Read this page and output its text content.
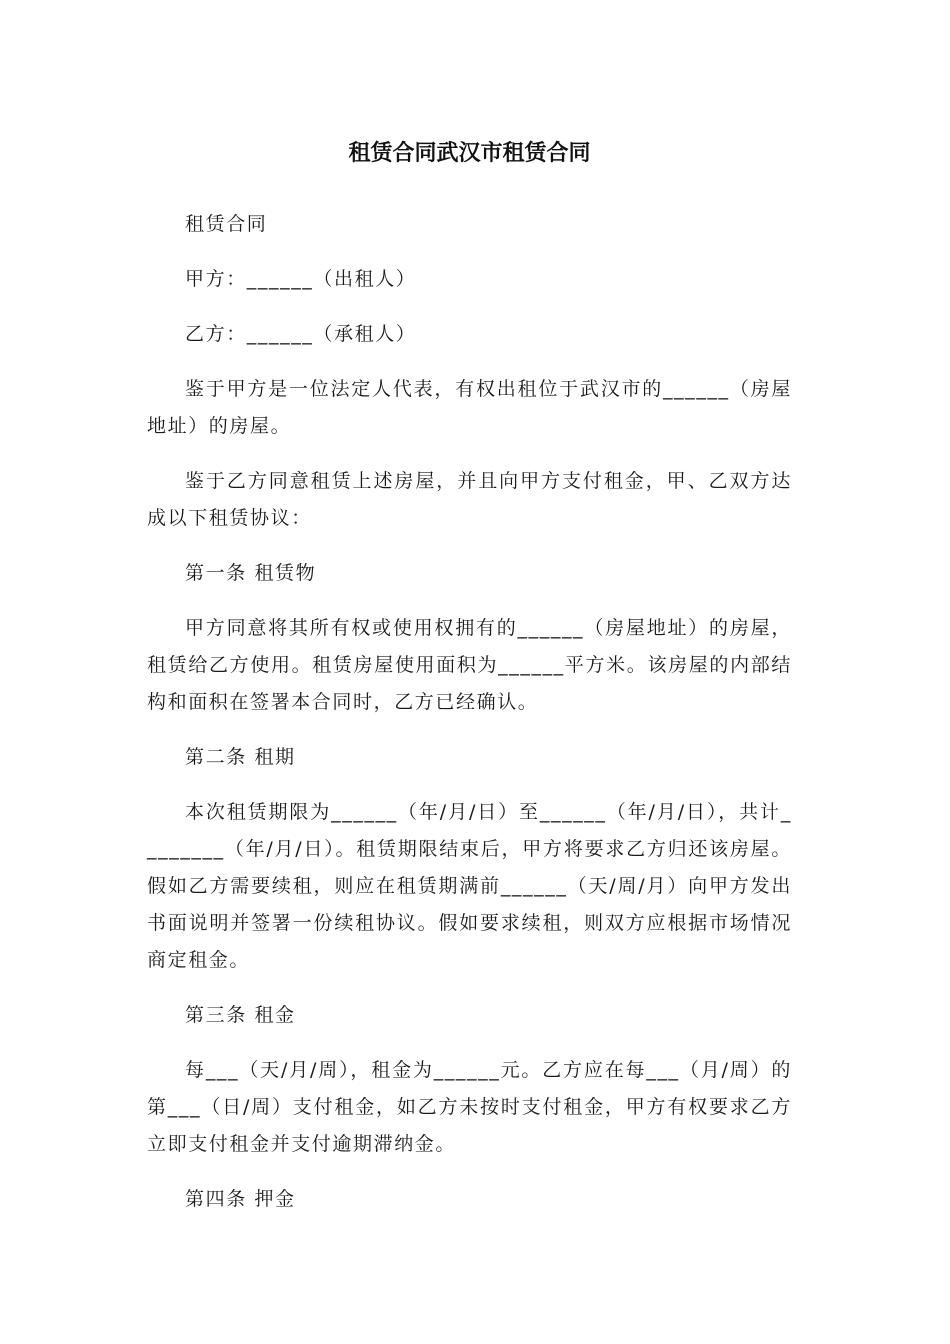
租赁合同武汉市租赁合同

租赁合同

甲方：______（出租人）

乙方：______（承租人）

鉴于甲方是一位法定人代表，有权出租位于武汉市的______（房屋地址）的房屋。

鉴于乙方同意租赁上述房屋，并且向甲方支付租金，甲、乙双方达成以下租赁协议：

第一条 租赁物

甲方同意将其所有权或使用权拥有的______（房屋地址）的房屋，租赁给乙方使用。租赁房屋使用面积为______平方米。该房屋的内部结构和面积在签署本合同时，乙方已经确认。

第二条 租期

本次租赁期限为______（年/月/日）至______（年/月/日），共计________（年/月/日）。租赁期限结束后，甲方将要求乙方归还该房屋。假如乙方需要续租，则应在租赁期满前______（天/周/月）向甲方发出书面说明并签署一份续租协议。假如要求续租，则双方应根据市场情况商定租金。

第三条 租金

每___（天/月/周），租金为______元。乙方应在每___（月/周）的第___（日/周）支付租金，如乙方未按时支付租金，甲方有权要求乙方立即支付租金并支付逾期滞纳金。

第四条 押金
